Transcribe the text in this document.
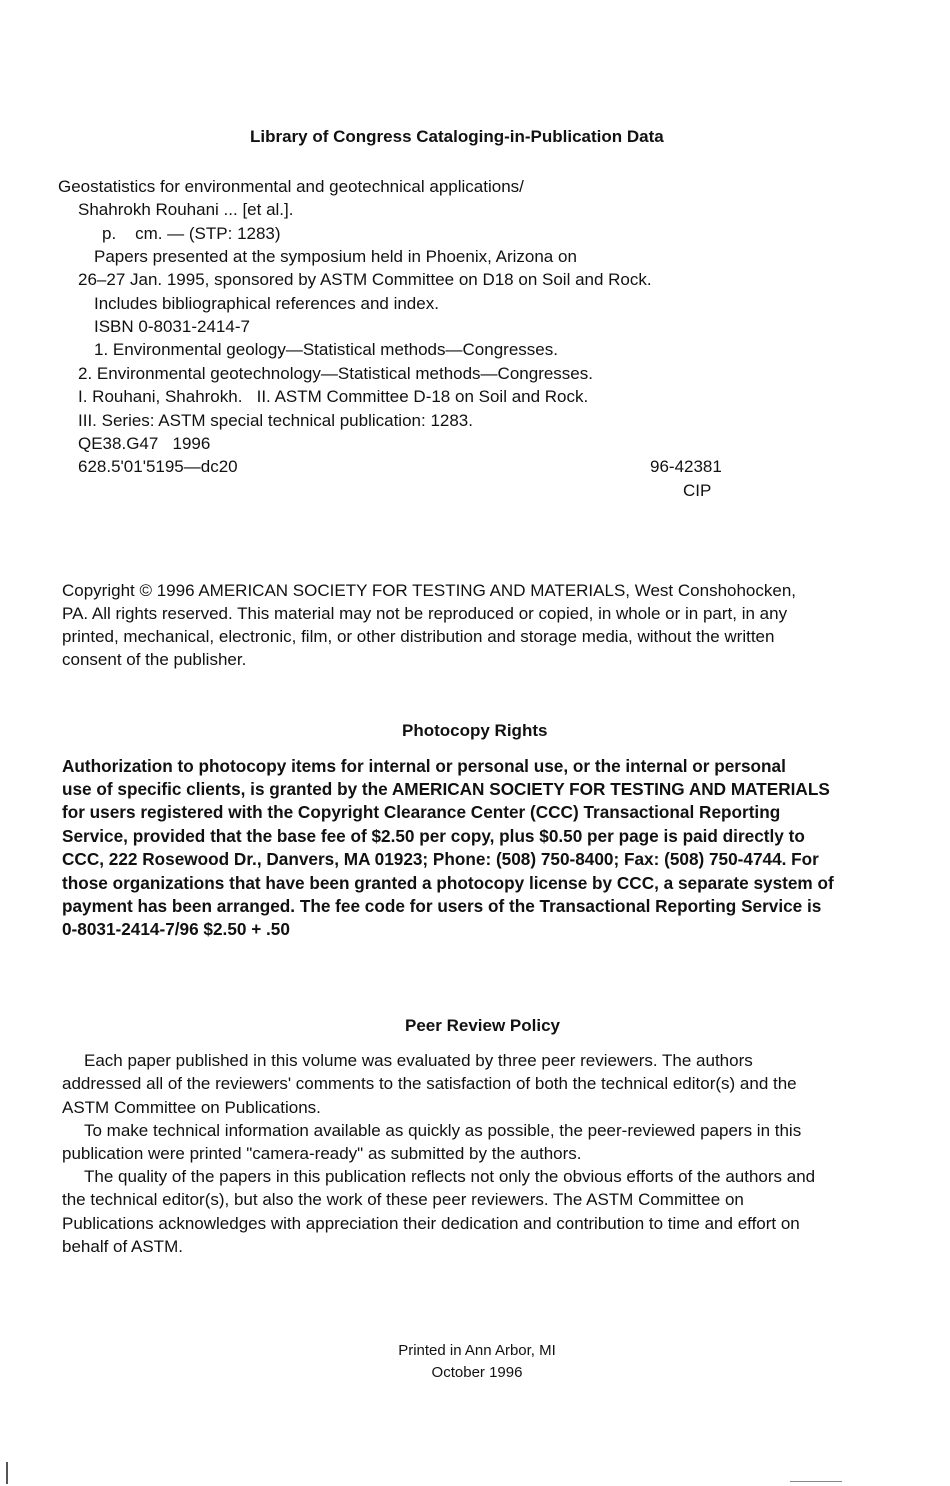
Library of Congress Cataloging-in-Publication Data
Geostatistics for environmental and geotechnical applications/
Shahrokh Rouhani ... [et al.].
p.    cm. — (STP: 1283)
Papers presented at the symposium held in Phoenix, Arizona on
26–27 Jan. 1995, sponsored by ASTM Committee on D18 on Soil and Rock.
Includes bibliographical references and index.
ISBN 0-8031-2414-7
1. Environmental geology—Statistical methods—Congresses.
2. Environmental geotechnology—Statistical methods—Congresses.
I. Rouhani, Shahrokh.   II. ASTM Committee D-18 on Soil and Rock.
III. Series: ASTM special technical publication: 1283.
QE38.G47   1996
628.5'01'5195—dc20	96-42381
CIP
Copyright © 1996 AMERICAN SOCIETY FOR TESTING AND MATERIALS, West Conshohocken,
PA. All rights reserved. This material may not be reproduced or copied, in whole or in part, in any
printed, mechanical, electronic, film, or other distribution and storage media, without the written
consent of the publisher.
Photocopy Rights
Authorization to photocopy items for internal or personal use, or the internal or personal
use of specific clients, is granted by the AMERICAN SOCIETY FOR TESTING AND MATERIALS
for users registered with the Copyright Clearance Center (CCC) Transactional Reporting
Service, provided that the base fee of $2.50 per copy, plus $0.50 per page is paid directly to
CCC, 222 Rosewood Dr., Danvers, MA 01923; Phone: (508) 750-8400; Fax: (508) 750-4744. For
those organizations that have been granted a photocopy license by CCC, a separate system of
payment has been arranged. The fee code for users of the Transactional Reporting Service is
0-8031-2414-7/96 $2.50 + .50
Peer Review Policy
Each paper published in this volume was evaluated by three peer reviewers. The authors
addressed all of the reviewers' comments to the satisfaction of both the technical editor(s) and the
ASTM Committee on Publications.
To make technical information available as quickly as possible, the peer-reviewed papers in this
publication were printed "camera-ready" as submitted by the authors.
The quality of the papers in this publication reflects not only the obvious efforts of the authors and
the technical editor(s), but also the work of these peer reviewers. The ASTM Committee on
Publications acknowledges with appreciation their dedication and contribution to time and effort on
behalf of ASTM.
Printed in Ann Arbor, MI
October 1996
